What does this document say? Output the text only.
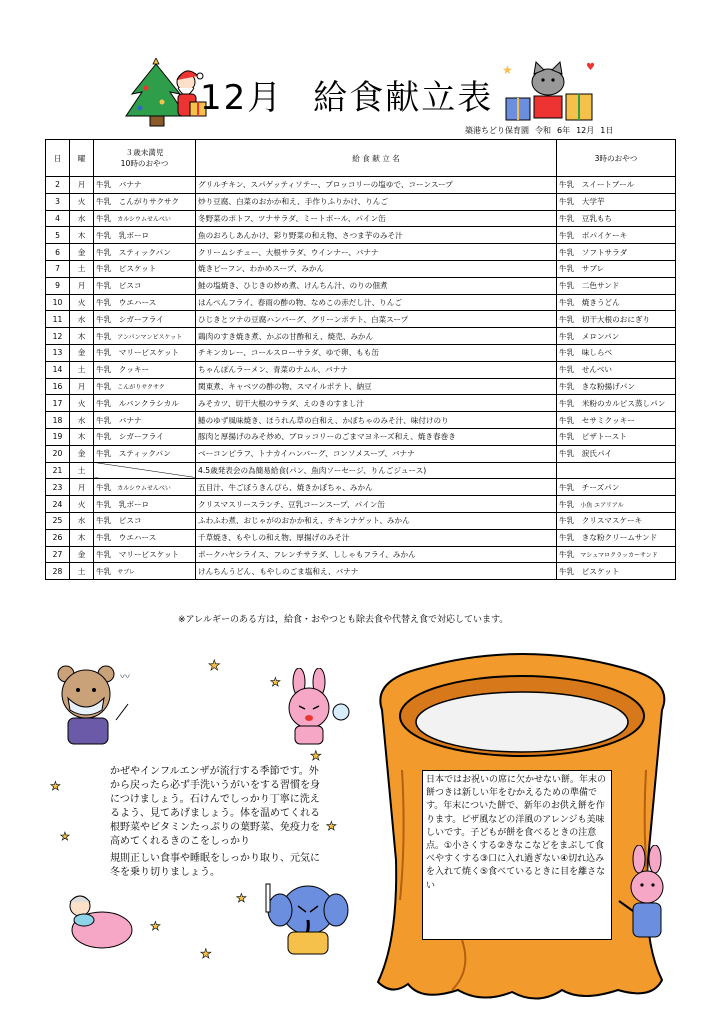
★	♥
12月 給食献立表
築港ちどり保育園 令和 6年 12月 1日
日	曜	３歳未満児
10時のおやつ	給 食 献 立 名	3時のおやつ
2	月	牛乳　バナナ	グリルチキン、スパゲッティソテー、ブロッコリーの塩ゆで、コーンスープ	牛乳　スイートブール
3	火	牛乳　こんがりサクサク	炒り豆腐、白菜のおかか和え、手作りふりかけ、りんご	牛乳　大学芋
4	水	牛乳 カルシウムせんべい	冬野菜のポトフ、ツナサラダ、ミートボール、パイン缶	牛乳　豆乳もち
5	木	牛乳　乳ボーロ	魚のおろしあんかけ、彩り野菜の和え物、さつま芋のみそ汁	牛乳　ポパイケーキ
6	金	牛乳　スティックパン	クリームシチュー、大根サラダ、ウインナー、バナナ	牛乳　ソフトサラダ
7	土	牛乳　ビスケット	焼きビーフン、わかめスープ、みかん	牛乳　サブレ
9	月	牛乳　ビスコ	鮭の塩焼き、ひじきの炒め煮、けんちん汁、のりの佃煮	牛乳　二色サンド
10	火	牛乳　ウエハース	はんぺんフライ、春雨の酢の物、なめこの赤だし汁、りんご	牛乳　焼きうどん
11	水	牛乳　シガーフライ	ひじきとツナの豆腐ハンバーグ、グリーンポテト、白菜スープ	牛乳　切干大根のおにぎり
12	木	牛乳 アンパンマンビスケット	鶏肉のすき焼き煮、かぶの甘酢和え、焼売、みかん	牛乳　メロンパン
13	金	牛乳　マリービスケット	チキンカレー、コールスローサラダ、ゆで卵、もも缶	牛乳　味しらべ
14	土	牛乳　クッキー	ちゃんぽんラーメン、青菜のナムル、バナナ	牛乳　せんべい
16	月	牛乳 こんがりサクサク	関東煮、キャベツの酢の物、スマイルポテト、納豆	牛乳　きな粉揚げパン
17	火	牛乳　ルバンクラシカル	みそカツ、切干大根のサラダ、えのきのすまし汁	牛乳　米粉のカルピス蒸しパン
18	水	牛乳　バナナ	鰆のゆず風味焼き、ほうれん草の白和え、かぼちゃのみそ汁、味付けのり	牛乳　セサミクッキー
19	木	牛乳　シガーフライ	豚肉と厚揚げのみそ炒め、ブロッコリーのごまマヨネーズ和え、焼き春巻き	牛乳　ピザトースト
20	金	牛乳　スティックパン	ベーコンピラフ、トナカイハンバーグ、コンソメスープ、バナナ	牛乳　涙氏パイ
21	土		4.5歳発表会の為簡易給食(パン、魚肉ソーセージ、りんごジュース)	
23	月	牛乳 カルシウムせんべい	五目汁、牛ごぼうきんぴら、焼きかぼちゃ、みかん	牛乳　チーズパン
24	火	牛乳　乳ボーロ	クリスマスリースランチ、豆乳コーンスープ、パイン缶	牛乳 小魚 エアリアル
25	水	牛乳　ビスコ	ふわふわ煮、おじゃがのおかか和え、チキンナゲット、みかん	牛乳　クリスマスケーキ
26	木	牛乳　ウエハース	千草焼き、もやしの和え物、厚揚げのみそ汁	牛乳　きな粉クリームサンド
27	金	牛乳　マリービスケット	ポークハヤシライス、フレンチサラダ、ししゃもフライ、みかん	牛乳 マシュマロクラッカーサンド
28	土	牛乳 サブレ	けんちんうどん、もやしのごま塩和え、バナナ	牛乳　ビスケット
※アレルギーのある方は，給食・おやつとも除去食や代替え食で対応しています。
〰
★
★
★
★
★
★
★
★
★

かぜやインフルエンザが流行する季節です。外から戻ったら必ず手洗いうがいをする習慣を身につけましょう。石けんでしっかり丁寧に洗えるよう、見てあげましょう。体を温めてくれる根野菜やビタミンたっぷりの葉野菜、免疫力を高めてくれるきのこをしっかり

規則正しい食事や睡眠をしっかり取り、元気に冬を乗り切りましょう。

日本ではお祝いの席に欠かせない餅。年末の餅つきは新しい年をむかえるための準備です。年末についた餅で、新年のお供え餅を作ります。ピザ風などの洋風のアレンジも美味しいです。子どもが餅を食べるときの注意点。①小さくする②きなこなどをまぶして食べやすくする③口に入れ過ぎない④切れ込みを入れて焼く⑤食べているときに目を離さない
